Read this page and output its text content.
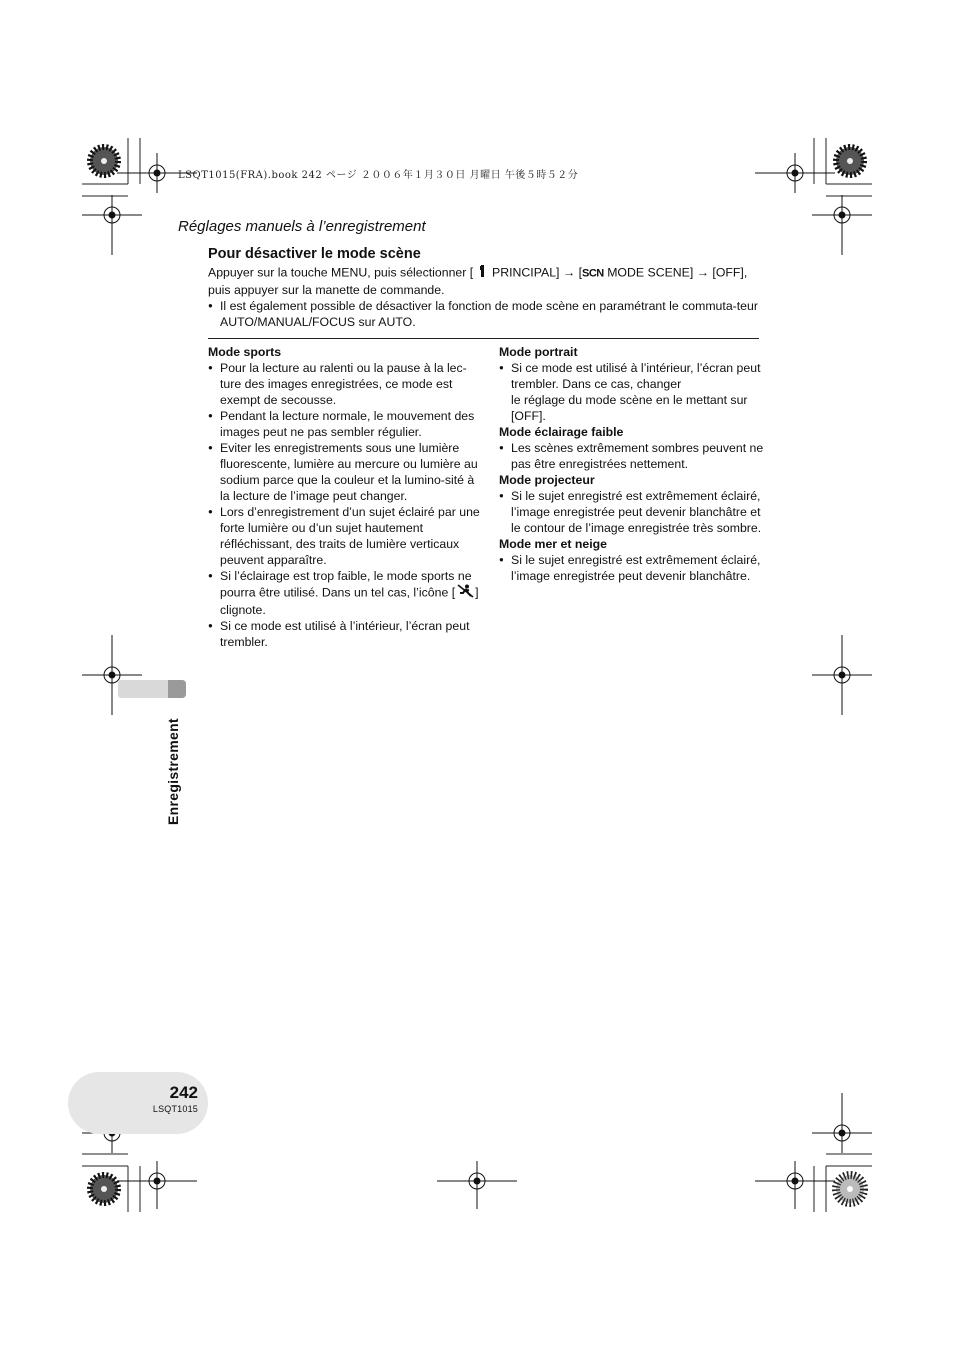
LSQT1015(FRA).book 242 ページ ２００６年１月３０日 月曜日 午後５時５２分
Réglages manuels à l’enregistrement
Pour désactiver le mode scène

Appuyer sur la touche MENU, puis sélectionner [ PRINCIPAL] → [SCN MODE SCENE] → [OFF],

puis appuyer sur la manette de commande.

● Il est également possible de désactiver la fonction de mode scène en paramétrant le commuta-teur AUTO/MANUAL/FOCUS sur AUTO.

Mode sports
● Pour la lecture au ralenti ou la pause à la lec-ture des images enregistrées, ce mode est exempt de secousse.
● Pendant la lecture normale, le mouvement des images peut ne pas sembler régulier.
● Eviter les enregistrements sous une lumière fluorescente, lumière au mercure ou lumière au sodium parce que la couleur et la lumino-sité à la lecture de l’image peut changer.
● Lors d’enregistrement d’un sujet éclairé par une forte lumière ou d’un sujet hautement réfléchissant, des traits de lumière verticaux peuvent apparaître.
● Si l’éclairage est trop faible, le mode sports ne pourra être utilisé. Dans un tel cas, l’icône [ ] clignote.
● Si ce mode est utilisé à l’intérieur, l’écran peut trembler.
Mode portrait
● Si ce mode est utilisé à l’intérieur, l’écran peut trembler. Dans ce cas, changer
le réglage du mode scène en le mettant sur [OFF].
Mode éclairage faible
● Les scènes extrêmement sombres peuvent ne pas être enregistrées nettement.
Mode projecteur
● Si le sujet enregistré est extrêmement éclairé, l’image enregistrée peut devenir blanchâtre et le contour de l’image enregistrée très sombre.
Mode mer et neige
● Si le sujet enregistré est extrêmement éclairé, l’image enregistrée peut devenir blanchâtre.
Enregistrement
242
LSQT1015
